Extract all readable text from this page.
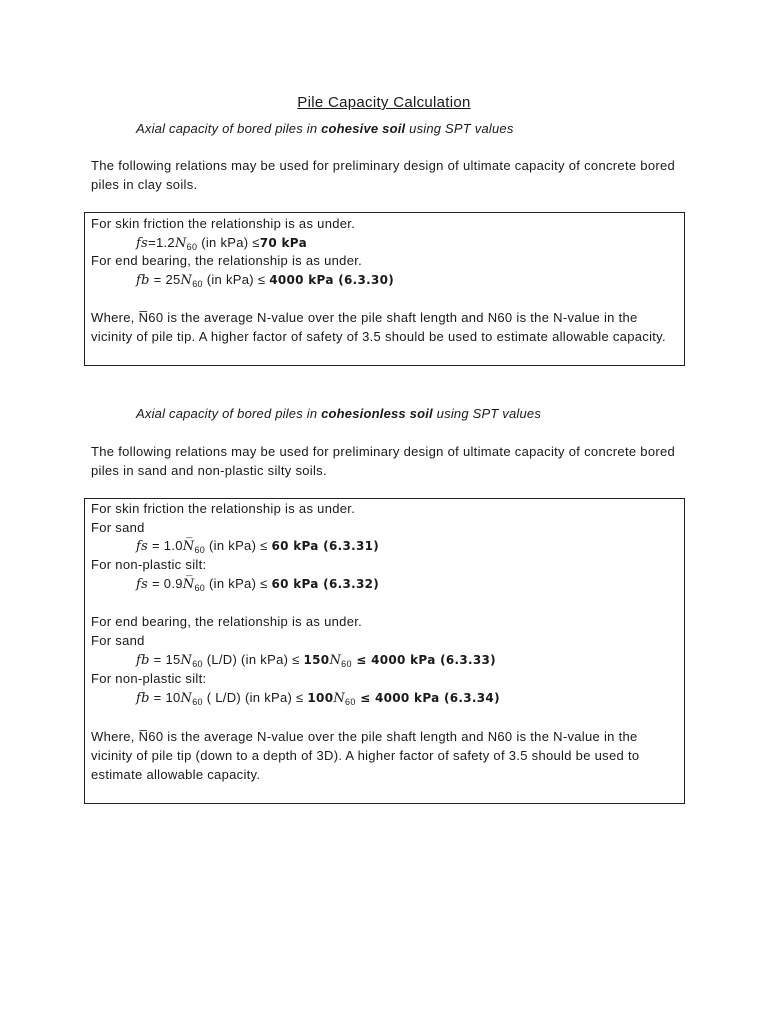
Pile Capacity Calculation
Axial capacity of bored piles in cohesive soil using SPT values
The following relations may be used for preliminary design of ultimate capacity of concrete bored piles in clay soils.
For skin friction the relationship is as under.
$fs=1.2N_{60}$ (in kPa) ≤70 kPa
For end bearing, the relationship is as under.
fb = $25N_{60}$ (in kPa) ≤ 4000 kPa (6.3.30)
Where, N̅60 is the average N-value over the pile shaft length and N60 is the N-value in the vicinity of pile tip. A higher factor of safety of 3.5 should be used to estimate allowable capacity.
Axial capacity of bored piles in cohesionless soil using SPT values
The following relations may be used for preliminary design of ultimate capacity of concrete bored piles in sand and non-plastic silty soils.
For skin friction the relationship is as under.
For sand
fs = $1.0N̅_{60}$ (in kPa) ≤ 60 kPa (6.3.31)
For non-plastic silt:
fs = $0.9N̅_{60}$ (in kPa) ≤ 60 kPa (6.3.32)
For end bearing, the relationship is as under.
For sand
fb = $15N_{60}$ (L/D) (in $kPa) \le 150N_{60} \le 4000$ kPa (6.3.33)
For non-plastic silt:
fb = $10N_{60}$ ( L/D) (in $kPa) \le 100N_{60} \le 4000$ kPa (6.3.34)
Where, N̅60 is the average N-value over the pile shaft length and N60 is the N-value in the vicinity of pile tip (down to a depth of 3D). A higher factor of safety of 3.5 should be used to estimate allowable capacity.
